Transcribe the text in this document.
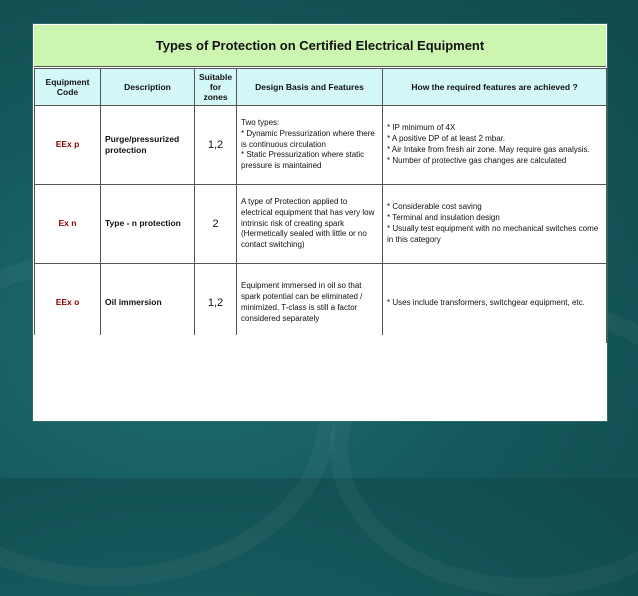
Types of Protection on Certified Electrical Equipment
Equipment Code	Description	Suitable for zones	Design Basis and Features	How the required features are achieved ?
EEx p	Purge/pressurized protection	1,2	Two types:
* Dynamic Pressurization where there is continuous circulation
* Static Pressurization where static pressure is maintained	* IP minimum of 4X
* A positive DP of at least 2 mbar.
* Air Intake from fresh air zone. May require gas analysis.
* Number of protective gas changes are calculated

Ex n	Type - n protection	2	A type of Protection applied to electrical equipment that has very low intrinsic risk of creating spark (Hermetically sealed with little or no contact switching)	* Considerable cost saving
* Terminal and insulation design
* Usually test equipment with no mechanical switches come in this category

EEx o	Oil immersion	1,2	Equipment immersed in oil so that spark potential can be eliminated / minimized. T-class is still a factor considered separately	* Uses include transformers, switchgear equipment, etc.
